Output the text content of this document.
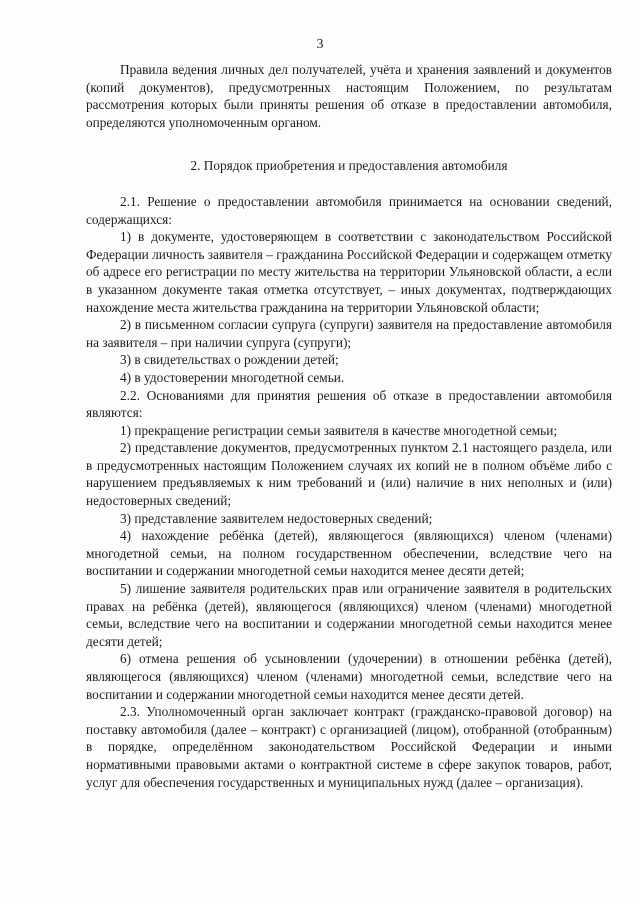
3

Правила ведения личных дел получателей, учёта и хранения заявлений и документов (копий документов), предусмотренных настоящим Положением, по результатам рассмотрения которых были приняты решения об отказе в предоставлении автомобиля, определяются уполномоченным органом.

2. Порядок приобретения и предоставления автомобиля

2.1. Решение о предоставлении автомобиля принимается на основании сведений, содержащихся:

1) в документе, удостоверяющем в соответствии с законодательством Российской Федерации личность заявителя – гражданина Российской Федерации и содержащем отметку об адресе его регистрации по месту жительства на территории Ульяновской области, а если в указанном документе такая отметка отсутствует, – иных документах, подтверждающих нахождение места жительства гражданина на территории Ульяновской области;

2) в письменном согласии супруга (супруги) заявителя на предоставление автомобиля на заявителя – при наличии супруга (супруги);

3) в свидетельствах о рождении детей;

4) в удостоверении многодетной семьи.

2.2. Основаниями для принятия решения об отказе в предоставлении автомобиля являются:

1) прекращение регистрации семьи заявителя в качестве многодетной семьи;

2) представление документов, предусмотренных пунктом 2.1 настоящего раздела, или в предусмотренных настоящим Положением случаях их копий не в полном объёме либо с нарушением предъявляемых к ним требований и (или) наличие в них неполных и (или) недостоверных сведений;

3) представление заявителем недостоверных сведений;

4) нахождение ребёнка (детей), являющегося (являющихся) членом (членами) многодетной семьи, на полном государственном обеспечении, вследствие чего на воспитании и содержании многодетной семьи находится менее десяти детей;

5) лишение заявителя родительских прав или ограничение заявителя в родительских правах на ребёнка (детей), являющегося (являющихся) членом (членами) многодетной семьи, вследствие чего на воспитании и содержании многодетной семьи находится менее десяти детей;

6) отмена решения об усыновлении (удочерении) в отношении ребёнка (детей), являющегося (являющихся) членом (членами) многодетной семьи, вследствие чего на воспитании и содержании многодетной семьи находится менее десяти детей.

2.3. Уполномоченный орган заключает контракт (гражданско-правовой договор) на поставку автомобиля (далее – контракт) с организацией (лицом), отобранной (отобранным) в порядке, определённом законодательством Российской Федерации и иными нормативными правовыми актами о контрактной системе в сфере закупок товаров, работ, услуг для обеспечения государственных и муниципальных нужд (далее – организация).
